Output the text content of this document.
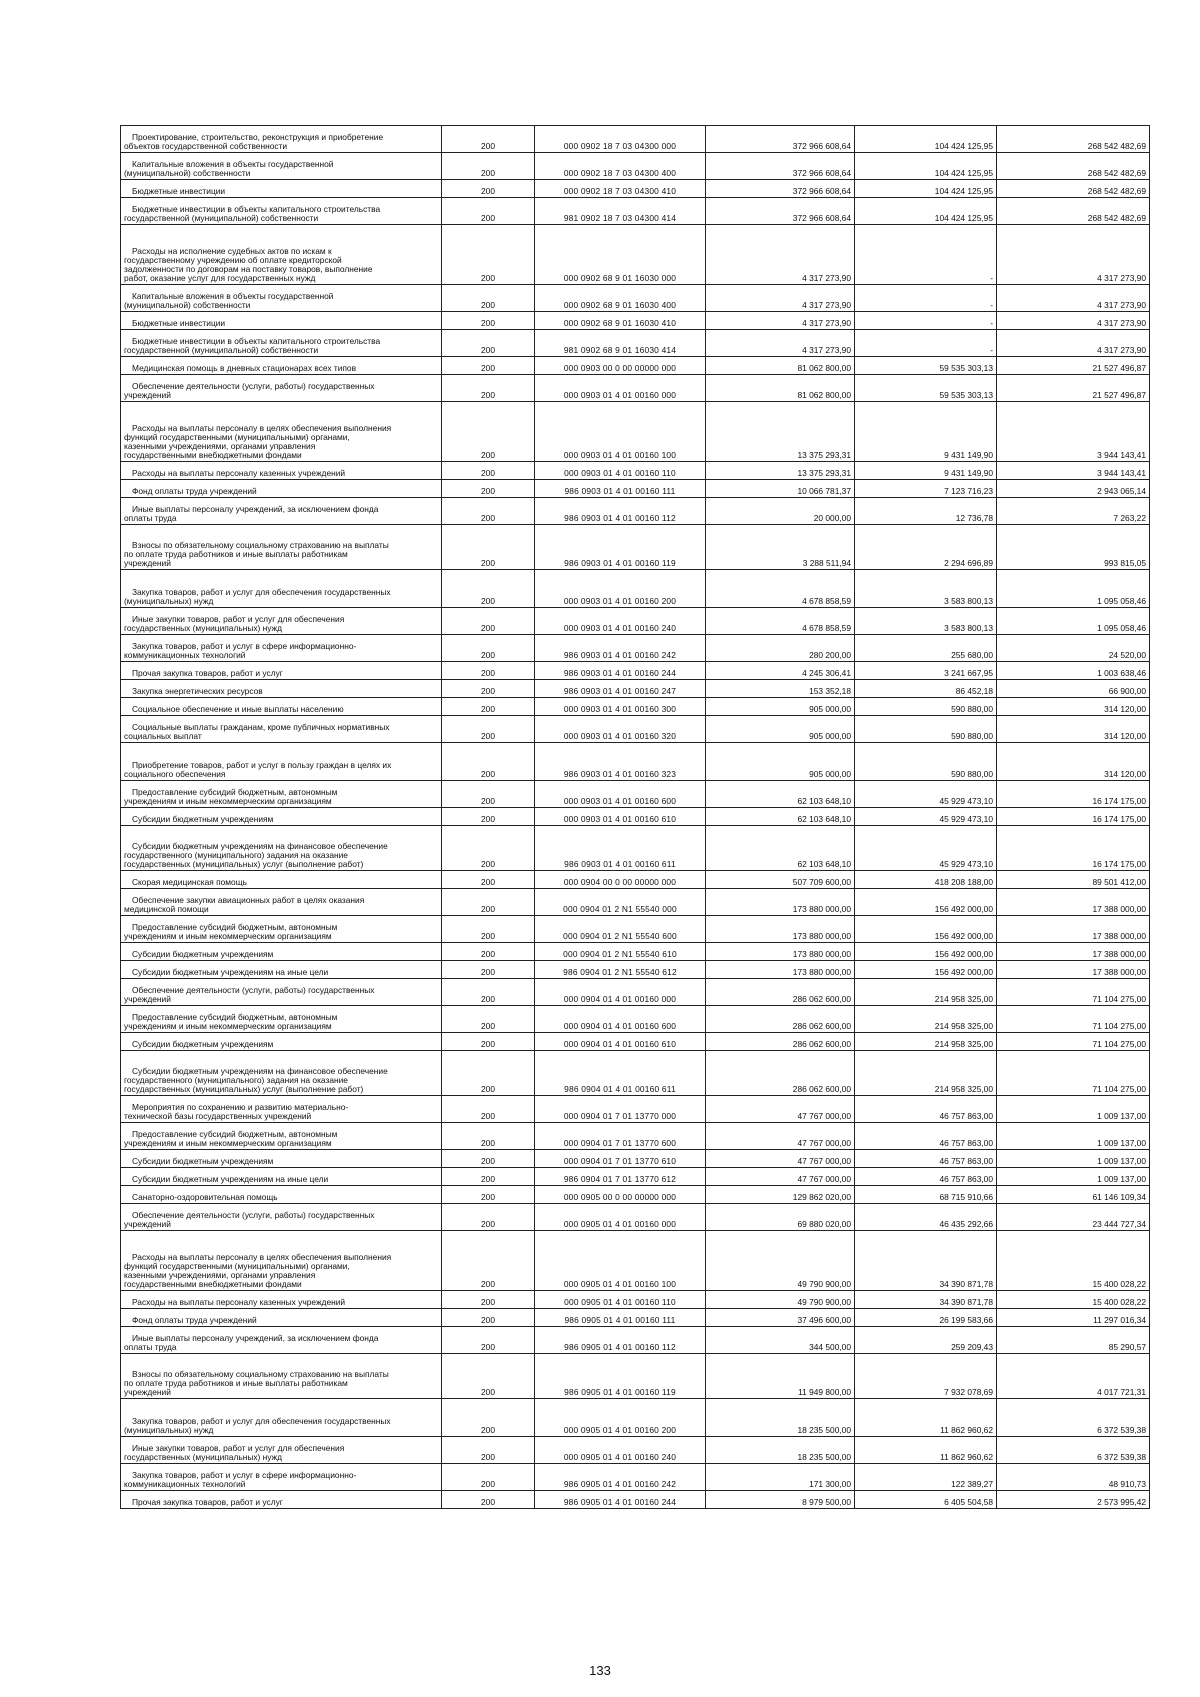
Проектирование, строительство, реконструкция и приобретение
объектов государственной собственности	200	000 0902 18 7 03 04300 000	372 966 608,64	104 424 125,95	268 542 482,69

Капитальные вложения в объекты государственной
(муниципальной) собственности	200	000 0902 18 7 03 04300 400	372 966 608,64	104 424 125,95	268 542 482,69

Бюджетные инвестиции	200	000 0902 18 7 03 04300 410	372 966 608,64	104 424 125,95	268 542 482,69

Бюджетные инвестиции в объекты капитального строительства
государственной (муниципальной) собственности	200	981 0902 18 7 03 04300 414	372 966 608,64	104 424 125,95	268 542 482,69

Расходы на исполнение судебных актов по искам к
государственному учреждению об оплате кредиторской
задолженности по договорам на поставку товаров, выполнение
работ, оказание услуг для государственных нужд	200	000 0902 68 9 01 16030 000	4 317 273,90	-	4 317 273,90

Капитальные вложения в объекты государственной
(муниципальной) собственности	200	000 0902 68 9 01 16030 400	4 317 273,90	-	4 317 273,90

Бюджетные инвестиции	200	000 0902 68 9 01 16030 410	4 317 273,90	-	4 317 273,90

Бюджетные инвестиции в объекты капитального строительства
государственной (муниципальной) собственности	200	981 0902 68 9 01 16030 414	4 317 273,90	-	4 317 273,90

Медицинская помощь в дневных стационарах всех типов	200	000 0903 00 0 00 00000 000	81 062 800,00	59 535 303,13	21 527 496,87

Обеспечение деятельности (услуги, работы) государственных
учреждений	200	000 0903 01 4 01 00160 000	81 062 800,00	59 535 303,13	21 527 496,87

Расходы на выплаты персоналу в целях обеспечения выполнения
функций государственными (муниципальными) органами,
казенными учреждениями, органами управления
государственными внебюджетными фондами	200	000 0903 01 4 01 00160 100	13 375 293,31	9 431 149,90	3 944 143,41

Расходы на выплаты персоналу казенных учреждений	200	000 0903 01 4 01 00160 110	13 375 293,31	9 431 149,90	3 944 143,41

Фонд оплаты труда учреждений	200	986 0903 01 4 01 00160 111	10 066 781,37	7 123 716,23	2 943 065,14

Иные выплаты персоналу учреждений, за исключением фонда
оплаты труда	200	986 0903 01 4 01 00160 112	20 000,00	12 736,78	7 263,22

Взносы по обязательному социальному страхованию на выплаты
по оплате труда работников и иные выплаты работникам
учреждений	200	986 0903 01 4 01 00160 119	3 288 511,94	2 294 696,89	993 815,05

Закупка товаров, работ и услуг для обеспечения государственных
(муниципальных) нужд	200	000 0903 01 4 01 00160 200	4 678 858,59	3 583 800,13	1 095 058,46

Иные закупки товаров, работ и услуг для обеспечения
государственных (муниципальных) нужд	200	000 0903 01 4 01 00160 240	4 678 858,59	3 583 800,13	1 095 058,46

Закупка товаров, работ и услуг в сфере информационно-
коммуникационных технологий	200	986 0903 01 4 01 00160 242	280 200,00	255 680,00	24 520,00

Прочая закупка товаров, работ и услуг	200	986 0903 01 4 01 00160 244	4 245 306,41	3 241 667,95	1 003 638,46

Закупка энергетических ресурсов	200	986 0903 01 4 01 00160 247	153 352,18	86 452,18	66 900,00

Социальное обеспечение и иные выплаты населению	200	000 0903 01 4 01 00160 300	905 000,00	590 880,00	314 120,00

Социальные выплаты гражданам, кроме публичных нормативных
социальных выплат	200	000 0903 01 4 01 00160 320	905 000,00	590 880,00	314 120,00

Приобретение товаров, работ и услуг в пользу граждан в целях их
социального обеспечения	200	986 0903 01 4 01 00160 323	905 000,00	590 880,00	314 120,00

Предоставление субсидий бюджетным, автономным
учреждениям и иным некоммерческим организациям	200	000 0903 01 4 01 00160 600	62 103 648,10	45 929 473,10	16 174 175,00

Субсидии бюджетным учреждениям	200	000 0903 01 4 01 00160 610	62 103 648,10	45 929 473,10	16 174 175,00

Субсидии бюджетным учреждениям на финансовое обеспечение
государственного (муниципального) задания на оказание
государственных (муниципальных) услуг (выполнение работ)	200	986 0903 01 4 01 00160 611	62 103 648,10	45 929 473,10	16 174 175,00

Скорая медицинская помощь	200	000 0904 00 0 00 00000 000	507 709 600,00	418 208 188,00	89 501 412,00

Обеспечение закупки авиационных работ в целях оказания
медицинской помощи	200	000 0904 01 2 N1 55540 000	173 880 000,00	156 492 000,00	17 388 000,00

Предоставление субсидий бюджетным, автономным
учреждениям и иным некоммерческим организациям	200	000 0904 01 2 N1 55540 600	173 880 000,00	156 492 000,00	17 388 000,00

Субсидии бюджетным учреждениям	200	000 0904 01 2 N1 55540 610	173 880 000,00	156 492 000,00	17 388 000,00

Субсидии бюджетным учреждениям на иные цели	200	986 0904 01 2 N1 55540 612	173 880 000,00	156 492 000,00	17 388 000,00

Обеспечение деятельности (услуги, работы) государственных
учреждений	200	000 0904 01 4 01 00160 000	286 062 600,00	214 958 325,00	71 104 275,00

Предоставление субсидий бюджетным, автономным
учреждениям и иным некоммерческим организациям	200	000 0904 01 4 01 00160 600	286 062 600,00	214 958 325,00	71 104 275,00

Субсидии бюджетным учреждениям	200	000 0904 01 4 01 00160 610	286 062 600,00	214 958 325,00	71 104 275,00

Субсидии бюджетным учреждениям на финансовое обеспечение
государственного (муниципального) задания на оказание
государственных (муниципальных) услуг (выполнение работ)	200	986 0904 01 4 01 00160 611	286 062 600,00	214 958 325,00	71 104 275,00

Мероприятия по сохранению и развитию материально-
технической базы государственных учреждений	200	000 0904 01 7 01 13770 000	47 767 000,00	46 757 863,00	1 009 137,00

Предоставление субсидий бюджетным, автономным
учреждениям и иным некоммерческим организациям	200	000 0904 01 7 01 13770 600	47 767 000,00	46 757 863,00	1 009 137,00

Субсидии бюджетным учреждениям	200	000 0904 01 7 01 13770 610	47 767 000,00	46 757 863,00	1 009 137,00

Субсидии бюджетным учреждениям на иные цели	200	986 0904 01 7 01 13770 612	47 767 000,00	46 757 863,00	1 009 137,00

Санаторно-оздоровительная помощь	200	000 0905 00 0 00 00000 000	129 862 020,00	68 715 910,66	61 146 109,34

Обеспечение деятельности (услуги, работы) государственных
учреждений	200	000 0905 01 4 01 00160 000	69 880 020,00	46 435 292,66	23 444 727,34

Расходы на выплаты персоналу в целях обеспечения выполнения
функций государственными (муниципальными) органами,
казенными учреждениями, органами управления
государственными внебюджетными фондами	200	000 0905 01 4 01 00160 100	49 790 900,00	34 390 871,78	15 400 028,22

Расходы на выплаты персоналу казенных учреждений	200	000 0905 01 4 01 00160 110	49 790 900,00	34 390 871,78	15 400 028,22

Фонд оплаты труда учреждений	200	986 0905 01 4 01 00160 111	37 496 600,00	26 199 583,66	11 297 016,34

Иные выплаты персоналу учреждений, за исключением фонда
оплаты труда	200	986 0905 01 4 01 00160 112	344 500,00	259 209,43	85 290,57

Взносы по обязательному социальному страхованию на выплаты
по оплате труда работников и иные выплаты работникам
учреждений	200	986 0905 01 4 01 00160 119	11 949 800,00	7 932 078,69	4 017 721,31

Закупка товаров, работ и услуг для обеспечения государственных
(муниципальных) нужд	200	000 0905 01 4 01 00160 200	18 235 500,00	11 862 960,62	6 372 539,38

Иные закупки товаров, работ и услуг для обеспечения
государственных (муниципальных) нужд	200	000 0905 01 4 01 00160 240	18 235 500,00	11 862 960,62	6 372 539,38

Закупка товаров, работ и услуг в сфере информационно-
коммуникационных технологий	200	986 0905 01 4 01 00160 242	171 300,00	122 389,27	48 910,73

Прочая закупка товаров, работ и услуг	200	986 0905 01 4 01 00160 244	8 979 500,00	6 405 504,58	2 573 995,42
133
